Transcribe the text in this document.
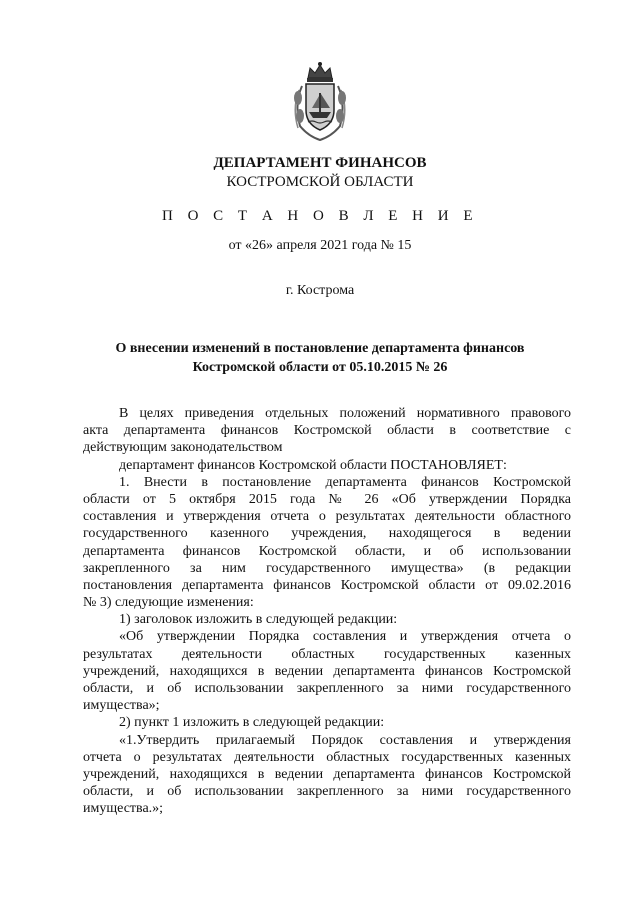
ДЕПАРТАМЕНТ ФИНАНСОВ
КОСТРОМСКОЙ ОБЛАСТИ
П О С Т А Н О В Л Е Н И Е
от «26» апреля 2021 года № 15
г. Кострома
О внесении изменений в постановление департамента финансов
Костромской области от 05.10.2015 № 26
В целях приведения отдельных положений нормативного правового
акта департамента финансов Костромской области в соответствие с
действующим законодательством
департамент финансов Костромской области ПОСТАНОВЛЯЕТ:
1. Внести в постановление департамента финансов Костромской
области от 5 октября 2015 года № 26 «Об утверждении Порядка
составления и утверждения отчета о результатах деятельности областного
государственного казенного учреждения, находящегося в ведении
департамента финансов Костромской области, и об использовании
закрепленного за ним государственного имущества» (в редакции
постановления департамента финансов Костромской области от 09.02.2016
№ 3) следующие изменения:
1) заголовок изложить в следующей редакции:
«Об утверждении Порядка составления и утверждения отчета о
результатах деятельности областных государственных казенных
учреждений, находящихся в ведении департамента финансов Костромской
области, и об использовании закрепленного за ними государственного
имущества»;
2) пункт 1 изложить в следующей редакции:
«1.Утвердить прилагаемый Порядок составления и утверждения
отчета о результатах деятельности областных государственных казенных
учреждений, находящихся в ведении департамента финансов Костромской
области, и об использовании закрепленного за ними государственного
имущества.»;
